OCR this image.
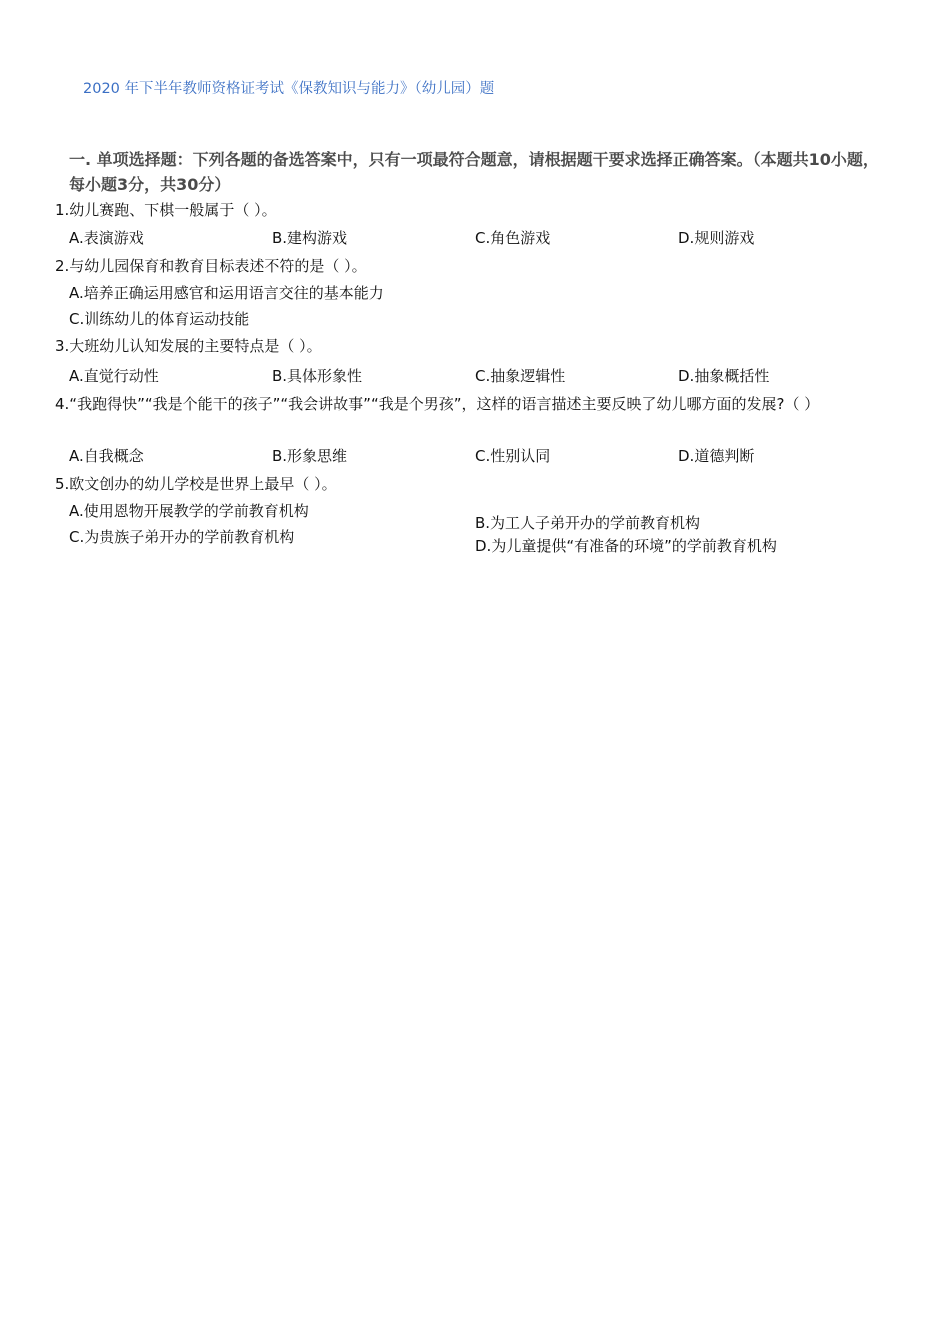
2020 年下半年教师资格证考试《保教知识与能力》（幼儿园）题
一. 单项选择题：下列各题的备选答案中，只有一项最符合题意，请根据题干要求选择正确答案。（本题共10小题，每小题3分，共30分）
1.幼儿赛跑、下棋一般属于（ ）。
A.表演游戏	B.建构游戏	C.角色游戏	D.规则游戏
2.与幼儿园保育和教育目标表述不符的是（ ）。
A.培养正确运用感官和运用语言交往的基本能力
C.训练幼儿的体育运动技能
3.大班幼儿认知发展的主要特点是（ ）。
A.直觉行动性	B.具体形象性	C.抽象逻辑性	D.抽象概括性
4.“我跑得快”“我是个能干的孩子”“我会讲故事”“我是个男孩”，这样的语言描述主要反映了幼儿哪方面的发展?（ ）
A.自我概念	B.形象思维	C.性别认同	D.道德判断
5.欧文创办的幼儿学校是世界上最早（ ）。
A.使用恩物开展教学的学前教育机构
C.为贵族子弟开办的学前教育机构
B.为工人子弟开办的学前教育机构
D.为儿童提供“有准备的环境”的学前教育机构
